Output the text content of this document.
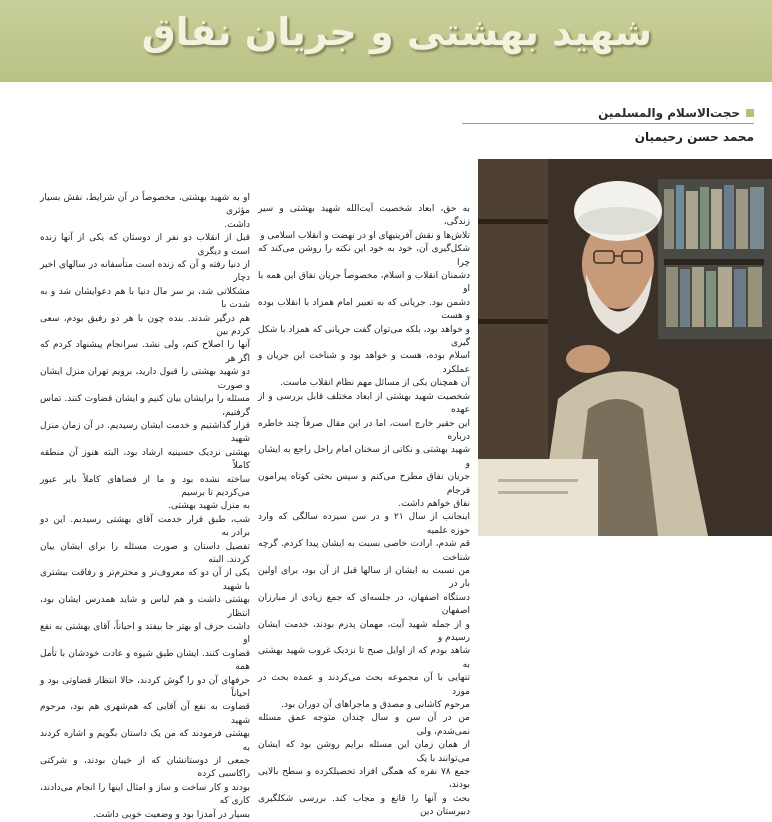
شهید بهشتی و جریان نفاق
حجت‌الاسلام والمسلمین
محمد حسن رحیمیان
به حق، ابعاد شخصیت آیت‌الله شهید بهشتی و سیر زندگی،
تلاش‌ها و نقش آفرینیهای او در نهضت و انقلاب اسلامی و
شکل‌گیری آن، خود به خود این نکته را روشن می‌کند که چرا
دشمنان انقلاب و اسلام، مخصوصاً جریان نفاق این همه با او
دشمن بود. جریانی که به تعبیر امام همزاد با انقلاب بوده و هست
و خواهد بود، بلکه می‌توان گفت جریانی که همزاد با شکل گیری
اسلام بوده، هست و خواهد بود و شناخت این جریان و عملکرد
آن همچنان یکی از مسائل مهم نظام انقلاب ماست.
شخصیت شهید بهشتی از ابعاد مختلف قابل بررسی و از عهده
این حقیر خارج است، اما در این مقال صرفاً چند خاطره درباره
شهید بهشتی و نکاتی از سخنان امام راحل راجع به ایشان و
جریان نفاق مطرح می‌کنم و سپس بحثی کوتاه پیرامون فرجام
نفاق خواهم داشت.
اینجانب از سال ۲۱ و در سن سیزده سالگی که وارد حوزه علمیه
قم شدم، ارادت خاصی نسبت به ایشان پیدا کردم. گرچه شناخت
من نسبت به ایشان از سالها قبل از آن بود، برای اولین بار در
دستگاه اصفهان، در جلسه‌ای که جمع زیادی از مبارزان اصفهان
و از جمله شهید آیت، مهمان پدرم بودند، خدمت ایشان رسیدم و
شاهد بودم که از اوایل صبح تا نزدیک غروب شهید بهشتی به
تنهایی با آن مجموعه بحث می‌کردند و عمده بحث در مورد
مرحوم کاشانی و مصدق و ماجراهای آن دوران بود.
من در آن سن و سال چندان متوجه عمق مسئله نمی‌شدم، ولی
از همان زمان این مسئله برایم روشن بود که ایشان می‌توانند با یک
جمع ۷۸ نفره که همگی افراد تحصیلکرده و سطح بالایی بودند،
بحث و آنها را قانع و مجاب کند. بررسی شکلگیری دبیرستان دین
او به شهید بهشتی، مخصوصاً در آن شرایط، نقش بسیار مؤثری
داشت.
قبل از انقلاب دو نفر از دوستان که یکی از آنها زنده است و دیگری
از دنیا رفته و آن که زنده است متأسفانه در سالهای اخیر دچار
مشکلاتی شد، بر سر مال دنیا با هم دعوایشان شد و به شدت با
هم درگیر شدند. بنده چون با هر دو رفیق بودم، سعی کردم بین
آنها را اصلاح کنم، ولی نشد. سرانجام پیشنهاد کردم که اگر هر
دو شهید بهشتی را قبول دارید، برویم تهران منزل ایشان و صورت
مسئله را برایشان بیان کنیم و ایشان قضاوت کنند. تماس گرفتیم،
قرار گذاشتیم و خدمت ایشان رسیدیم. در آن زمان منزل شهید
بهشتی نزدیک حسینیه ارشاد بود، البته هنوز آن منطقه کاملاً
ساخته نشده بود و ما از فضاهای کاملاً بایر عبور می‌کردیم تا برسیم
به منزل شهید بهشتی.
شب، طبق قرار خدمت آقای بهشتی رسیدیم. این دو برادر به
تفصیل داستان و صورت مسئله را برای ایشان بیان کردند. البته
یکی از آن دو که معروف‌تر و محترم‌تر و رفاقت بیشتری با شهید
بهشتی داشت و هم لباس و شاید همدرس ایشان بود، انتظار
داشت حرف او بهتر جا بیفتد و احیاناً، آقای بهشتی به نفع او
قضاوت کنند. ایشان طبق شیوه و عادت خودشان با تأمل همه
حرفهای آن دو را گوش کردند، حالا انتظار قضاوتی بود و احیاناً
قضاوت به نفع آن آقایی که هم‌شهری هم بود، مرحوم شهید
بهشتی فرمودند که من یک داستان بگویم و اشاره کردند به
جمعی از دوستانشان که از خیبان بودند، و شرکتی راکاسبی کرده
بودند و کار ساخت و ساز و امثال اینها را انجام می‌دادند، کاری که
بسیار در آمدزا بود و وضعیت خوبی داشت.
